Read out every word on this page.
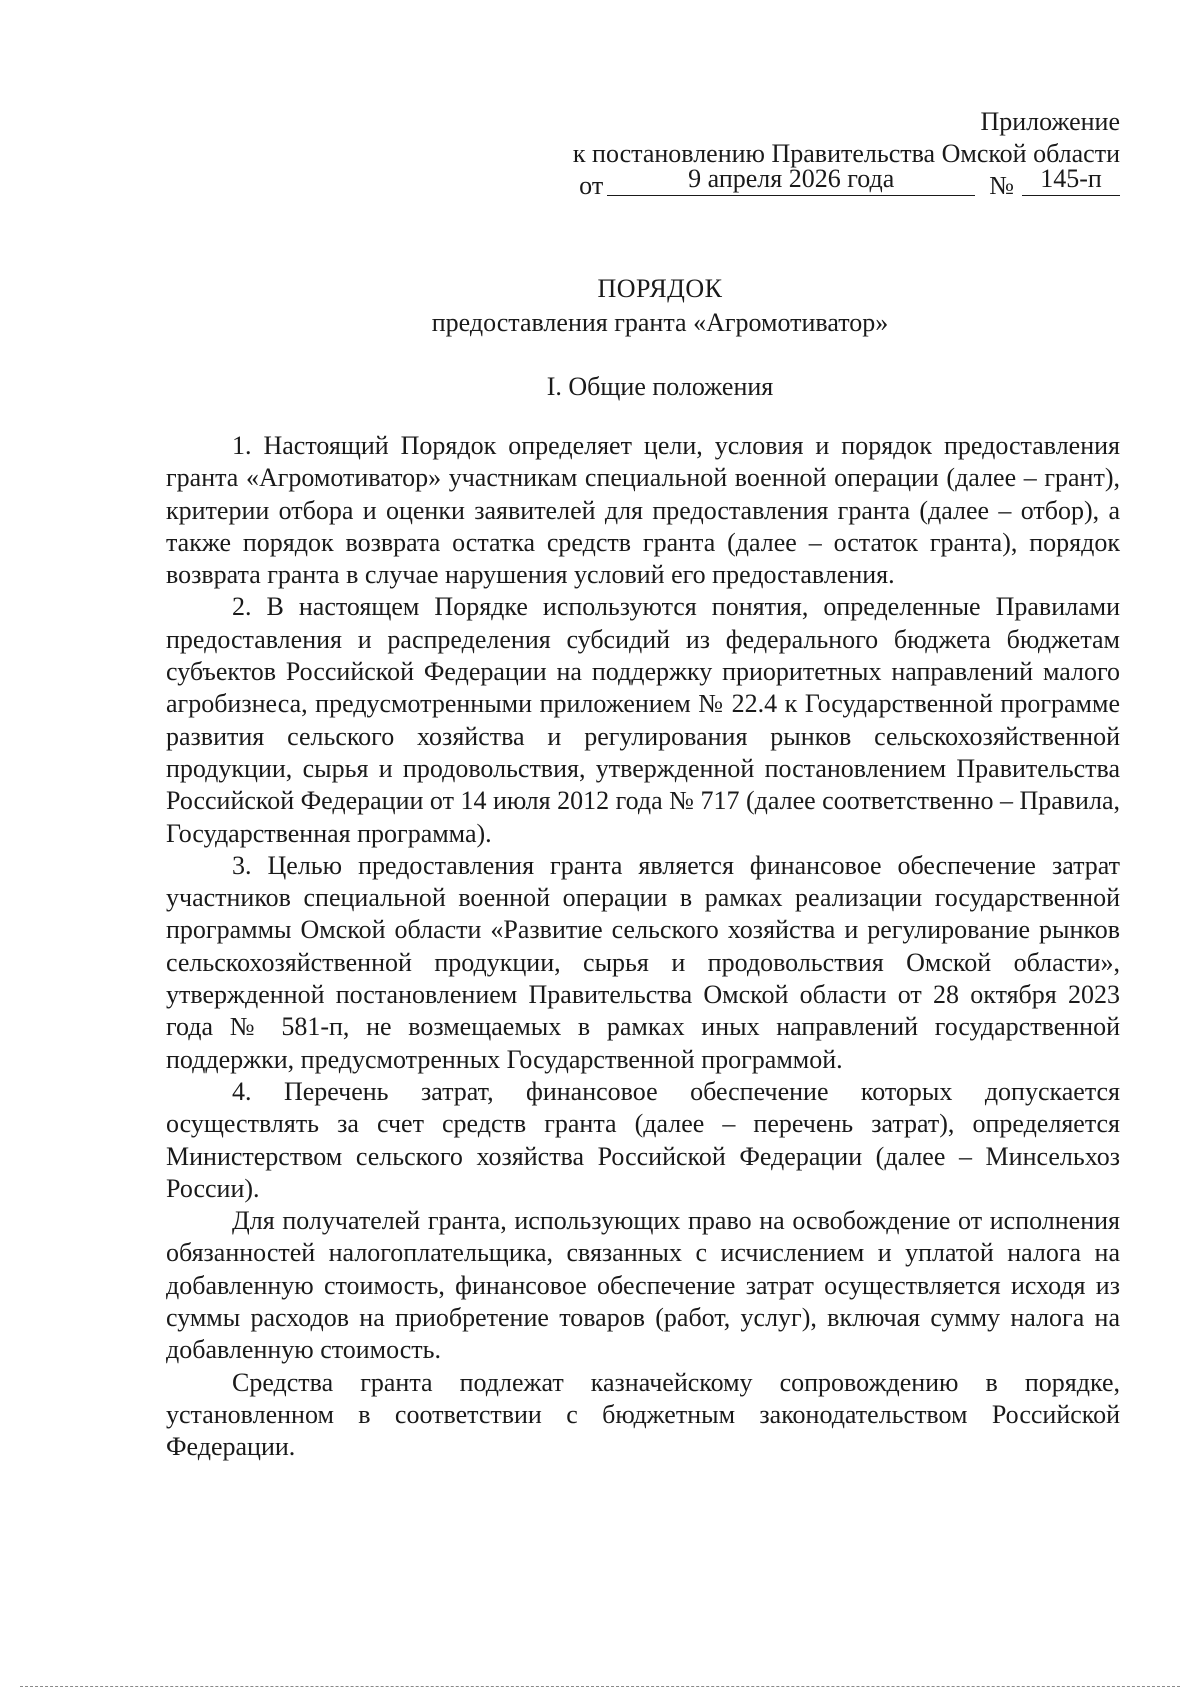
Приложение
к постановлению Правительства Омской области
от	9 апреля 2026 года	№	145-п
ПОРЯДОК
предоставления гранта «Агромотиватор»
I. Общие положения

1. Настоящий Порядок определяет цели, условия и порядок предоставления гранта «Агромотиватор» участникам специальной военной операции (далее – грант), критерии отбора и оценки заявителей для предоставления гранта (далее – отбор), а также порядок возврата остатка средств гранта (далее – остаток гранта), порядок возврата гранта в случае нарушения условий его предоставления.

2. В настоящем Порядке используются понятия, определенные Правилами предоставления и распределения субсидий из федерального бюджета бюджетам субъектов Российской Федерации на поддержку приоритетных направлений малого агробизнеса, предусмотренными приложением № 22.4 к Государственной программе развития сельского хозяйства и регулирования рынков сельскохозяйственной продукции, сырья и продовольствия, утвержденной постановлением Правительства Российской Федерации от 14 июля 2012 года № 717 (далее соответственно – Правила, Государственная программа).

3. Целью предоставления гранта является финансовое обеспечение затрат участников специальной военной операции в рамках реализации государственной программы Омской области «Развитие сельского хозяйства и регулирование рынков сельскохозяйственной продукции, сырья и продовольствия Омской области», утвержденной постановлением Правительства Омской области от 28 октября 2023 года № 581-п, не возмещаемых в рамках иных направлений государственной поддержки, предусмотренных Государственной программой.

4. Перечень затрат, финансовое обеспечение которых допускается осуществлять за счет средств гранта (далее – перечень затрат), определяется Министерством сельского хозяйства Российской Федерации (далее – Минсельхоз России).

Для получателей гранта, использующих право на освобождение от исполнения обязанностей налогоплательщика, связанных с исчислением и уплатой налога на добавленную стоимость, финансовое обеспечение затрат осуществляется исходя из суммы расходов на приобретение товаров (работ, услуг), включая сумму налога на добавленную стоимость.

Средства гранта подлежат казначейскому сопровождению в порядке, установленном в соответствии с бюджетным законодательством Российской Федерации.
